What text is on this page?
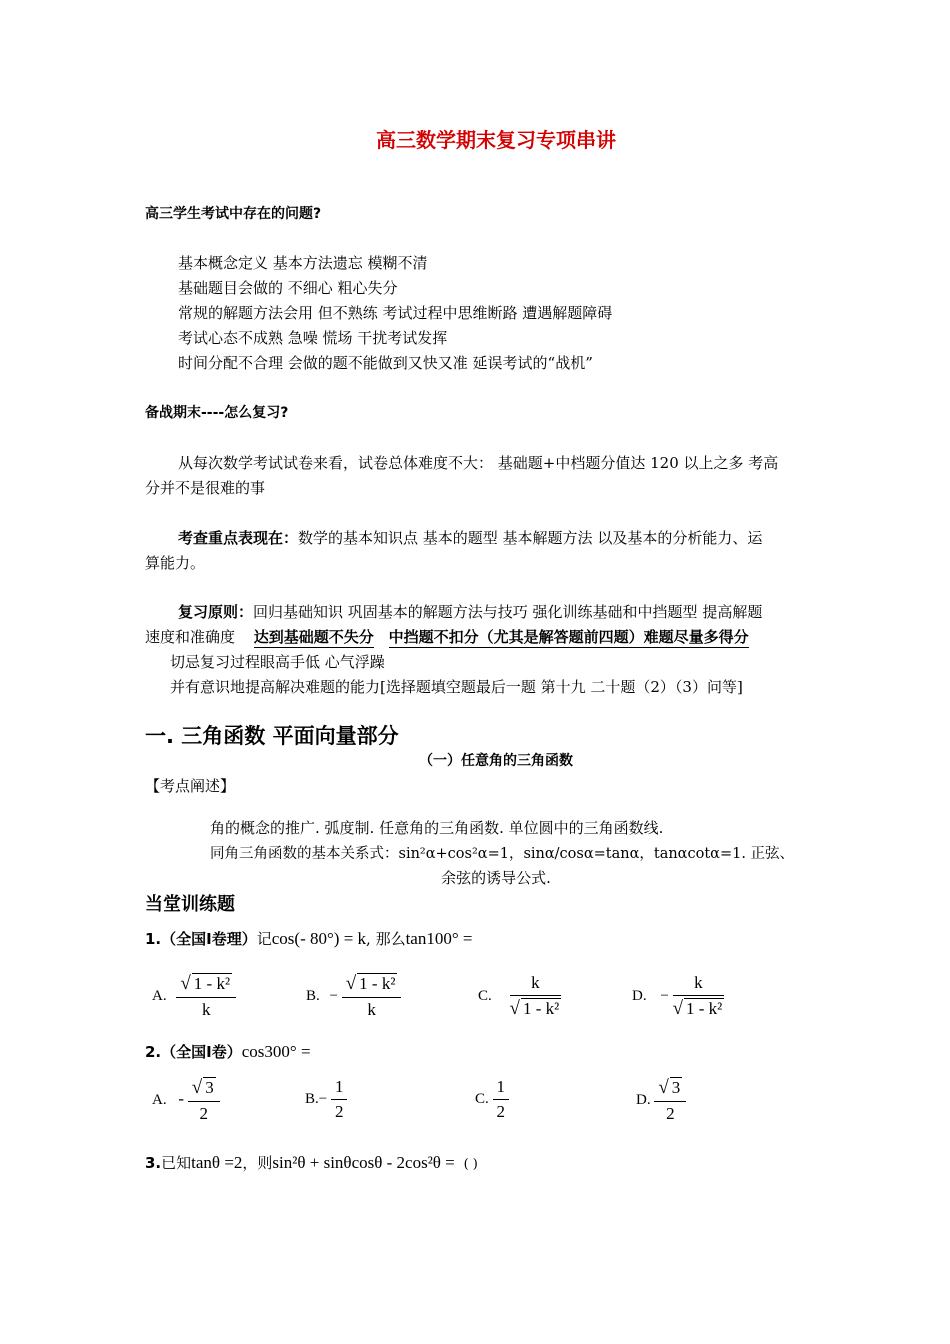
高三数学期末复习专项串讲
高三学生考试中存在的问题?
基本概念定义 基本方法遗忘 模糊不清
基础题目会做的 不细心 粗心失分
常规的解题方法会用 但不熟练 考试过程中思维断路 遭遇解题障碍
考试心态不成熟 急噪 慌场 干扰考试发挥
时间分配不合理 会做的题不能做到又快又准 延误考试的“战机”
备战期末----怎么复习?
从每次数学考试试卷来看，试卷总体难度不大： 基础题+中档题分值达 120 以上之多 考高
分并不是很难的事
考查重点表现在：数学的基本知识点 基本的题型 基本解题方法 以及基本的分析能力、运
算能力。
复习原则：回归基础知识 巩固基本的解题方法与技巧 强化训练基础和中挡题型 提高解题
速度和准确度 达到基础题不失分 中挡题不扣分（尤其是解答题前四题）难题尽量多得分
切忌复习过程眼高手低 心气浮躁
并有意识地提高解决难题的能力[选择题填空题最后一题 第十九 二十题（2）（3）问等]
一. 三角函数 平面向量部分
（一）任意角的三角函数
【考点阐述】
角的概念的推广. 弧度制. 任意角的三角函数. 单位圆中的三角函数线.
同角三角函数的基本关系式：sin²α+cos²α=1，sinα/cosα=tanα，tanαcotα=1. 正弦、
余弦的诱导公式.
当堂训练题
1.（全国Ⅰ卷理）记cos(- 80°) = k, 那么tan100° =
A. $\frac{\text{√ 1 - k²}}{k}$	B. − $\frac{\text{√ 1 - k²}}{k}$	C. $\frac{k}{\text{√ 1 - k²}}$	D. − $\frac{k}{\text{√ 1 - k²}}$
2.（全国Ⅰ卷）cos300° =
A. - $\frac{√ 3}{2}$	$B.- \frac{1}{2}$	C. $\frac{1}{2}$	D. $\frac{√ 3}{2}$
3.已知tanθ =2，则sin²θ + sinθcosθ - 2cos²θ = ( )
